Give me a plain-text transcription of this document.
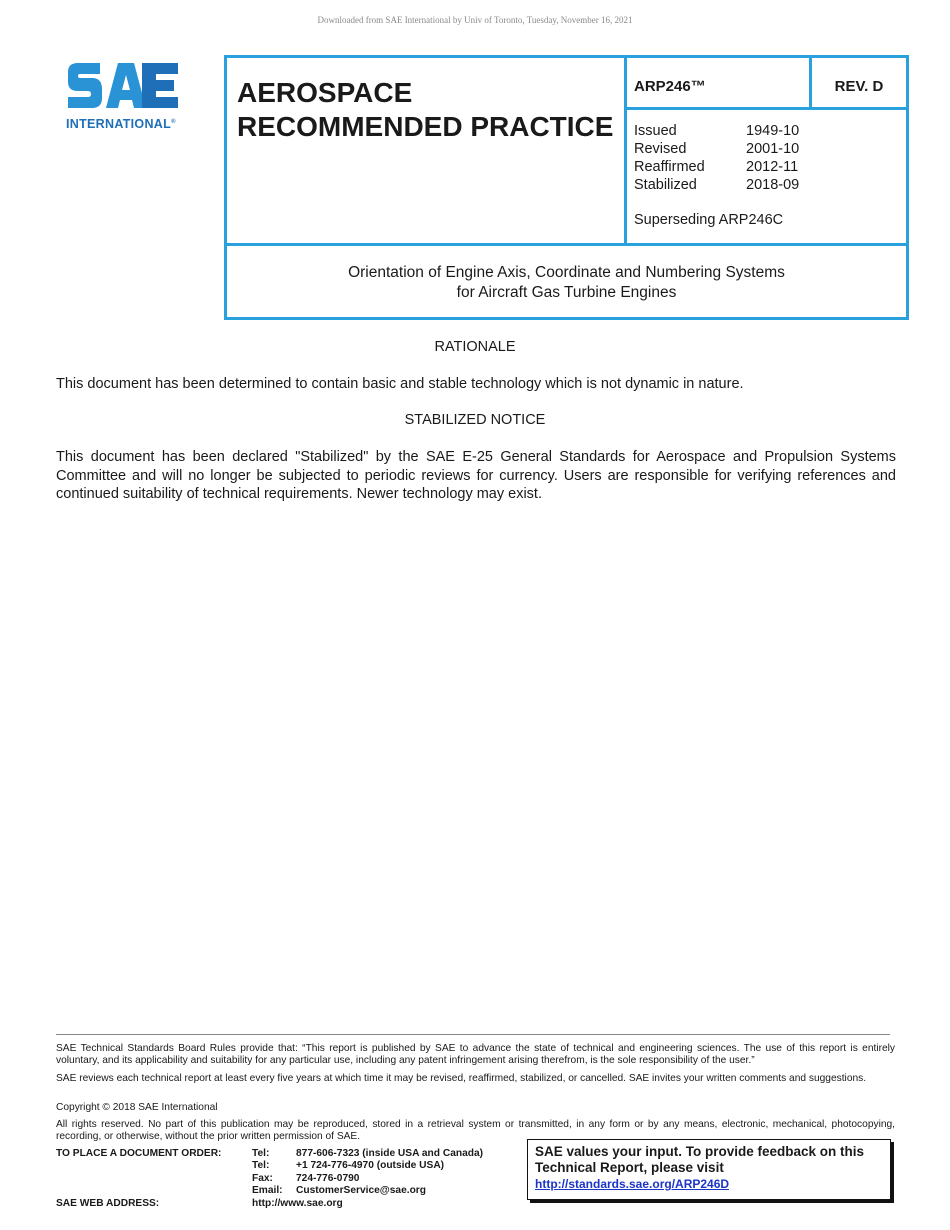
Downloaded from SAE International by Univ of Toronto, Tuesday, November 16, 2021
INTERNATIONAL®
AEROSPACE
RECOMMENDED PRACTICE
ARP246™	REV. D
Issued	1949-10
Revised	2001-10
Reaffirmed	2012-11
Stabilized	2018-09
Superseding ARP246C
Orientation of Engine Axis, Coordinate and Numbering Systems
for Aircraft Gas Turbine Engines
RATIONALE
This document has been determined to contain basic and stable technology which is not dynamic in nature.
STABILIZED NOTICE
This document has been declared "Stabilized" by the SAE E-25 General Standards for Aerospace and Propulsion Systems Committee and will no longer be subjected to periodic reviews for currency. Users are responsible for verifying references and continued suitability of technical requirements. Newer technology may exist.
SAE Technical Standards Board Rules provide that: “This report is published by SAE to advance the state of technical and engineering sciences. The use of this report is entirely voluntary, and its applicability and suitability for any particular use, including any patent infringement arising therefrom, is the sole responsibility of the user.”
SAE reviews each technical report at least every five years at which time it may be revised, reaffirmed, stabilized, or cancelled. SAE invites your written comments and suggestions.
Copyright © 2018 SAE International
All rights reserved. No part of this publication may be reproduced, stored in a retrieval system or transmitted, in any form or by any means, electronic, mechanical, photocopying, recording, or otherwise, without the prior written permission of SAE.
TO PLACE A DOCUMENT ORDER:	Tel:	877-606-7323 (inside USA and Canada)
Tel:	+1 724-776-4970 (outside USA)
Fax:	724-776-0790
Email:	CustomerService@sae.org
SAE WEB ADDRESS:	http://www.sae.org
SAE values your input. To provide feedback on this Technical Report, please visit
http://standards.sae.org/ARP246D
